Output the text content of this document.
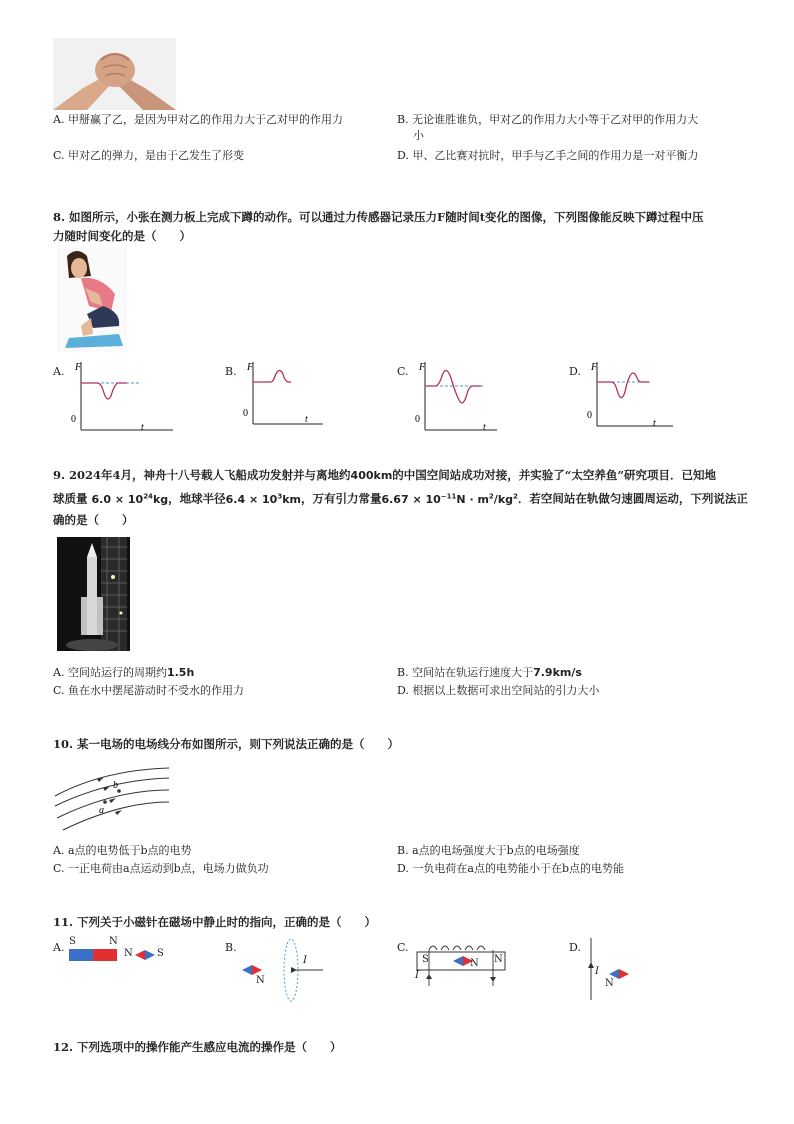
A. 甲掰赢了乙，是因为甲对乙的作用力大于乙对甲的作用力	B. 无论谁胜谁负，甲对乙的作用力大小等于乙对甲的作用力大
小
C. 甲对乙的弹力，是由于乙发生了形变	D. 甲、乙比赛对抗时，甲手与乙手之间的作用力是一对平衡力
8. 如图所示，小张在测力板上完成下蹲的动作。可以通过力传感器记录压力F随时间t变化的图像，下列图像能反映下蹲过程中压
力随时间变化的是（　　）
A. F
t
0
B. F
t
0
C. F
t
0
D. F
t
0
9. 2024年4月，神舟十八号载人飞船成功发射并与离地约400km的中国空间站成功对接，并实验了“太空养鱼”研究项目．已知地
球质量 $6.0 \times 10^{24}kg$，地球半径$6.4 \times 10^3km$，万有引力常量$6.67 \times 10^{-11}N \cdot m^2/kg^2$．若空间站在轨做匀速圆周运动，下列说法正
确的是（　　）
A. 空间站运行的周期约1.5h	B. 空间站在轨运行速度大于7.9km/s
C. 鱼在水中摆尾游动时不受水的作用力	D. 根据以上数据可求出空间站的引力大小
10. 某一电场的电场线分布如图所示，则下列说法正确的是（　　）
a
b
A. a点的电势低于b点的电势	B. a点的电场强度大于b点的电场强度
C. 一正电荷由a点运动到b点，电场力做负功	D. 一负电荷在a点的电势能小于在b点的电势能
11. 下列关于小磁针在磁场中静止时的指向，正确的是（　　）
A. S	N
N S	B.
I
N
C.
S	N
N
I
D.
I
N
12. 下列选项中的操作能产生感应电流的操作是（　　）
